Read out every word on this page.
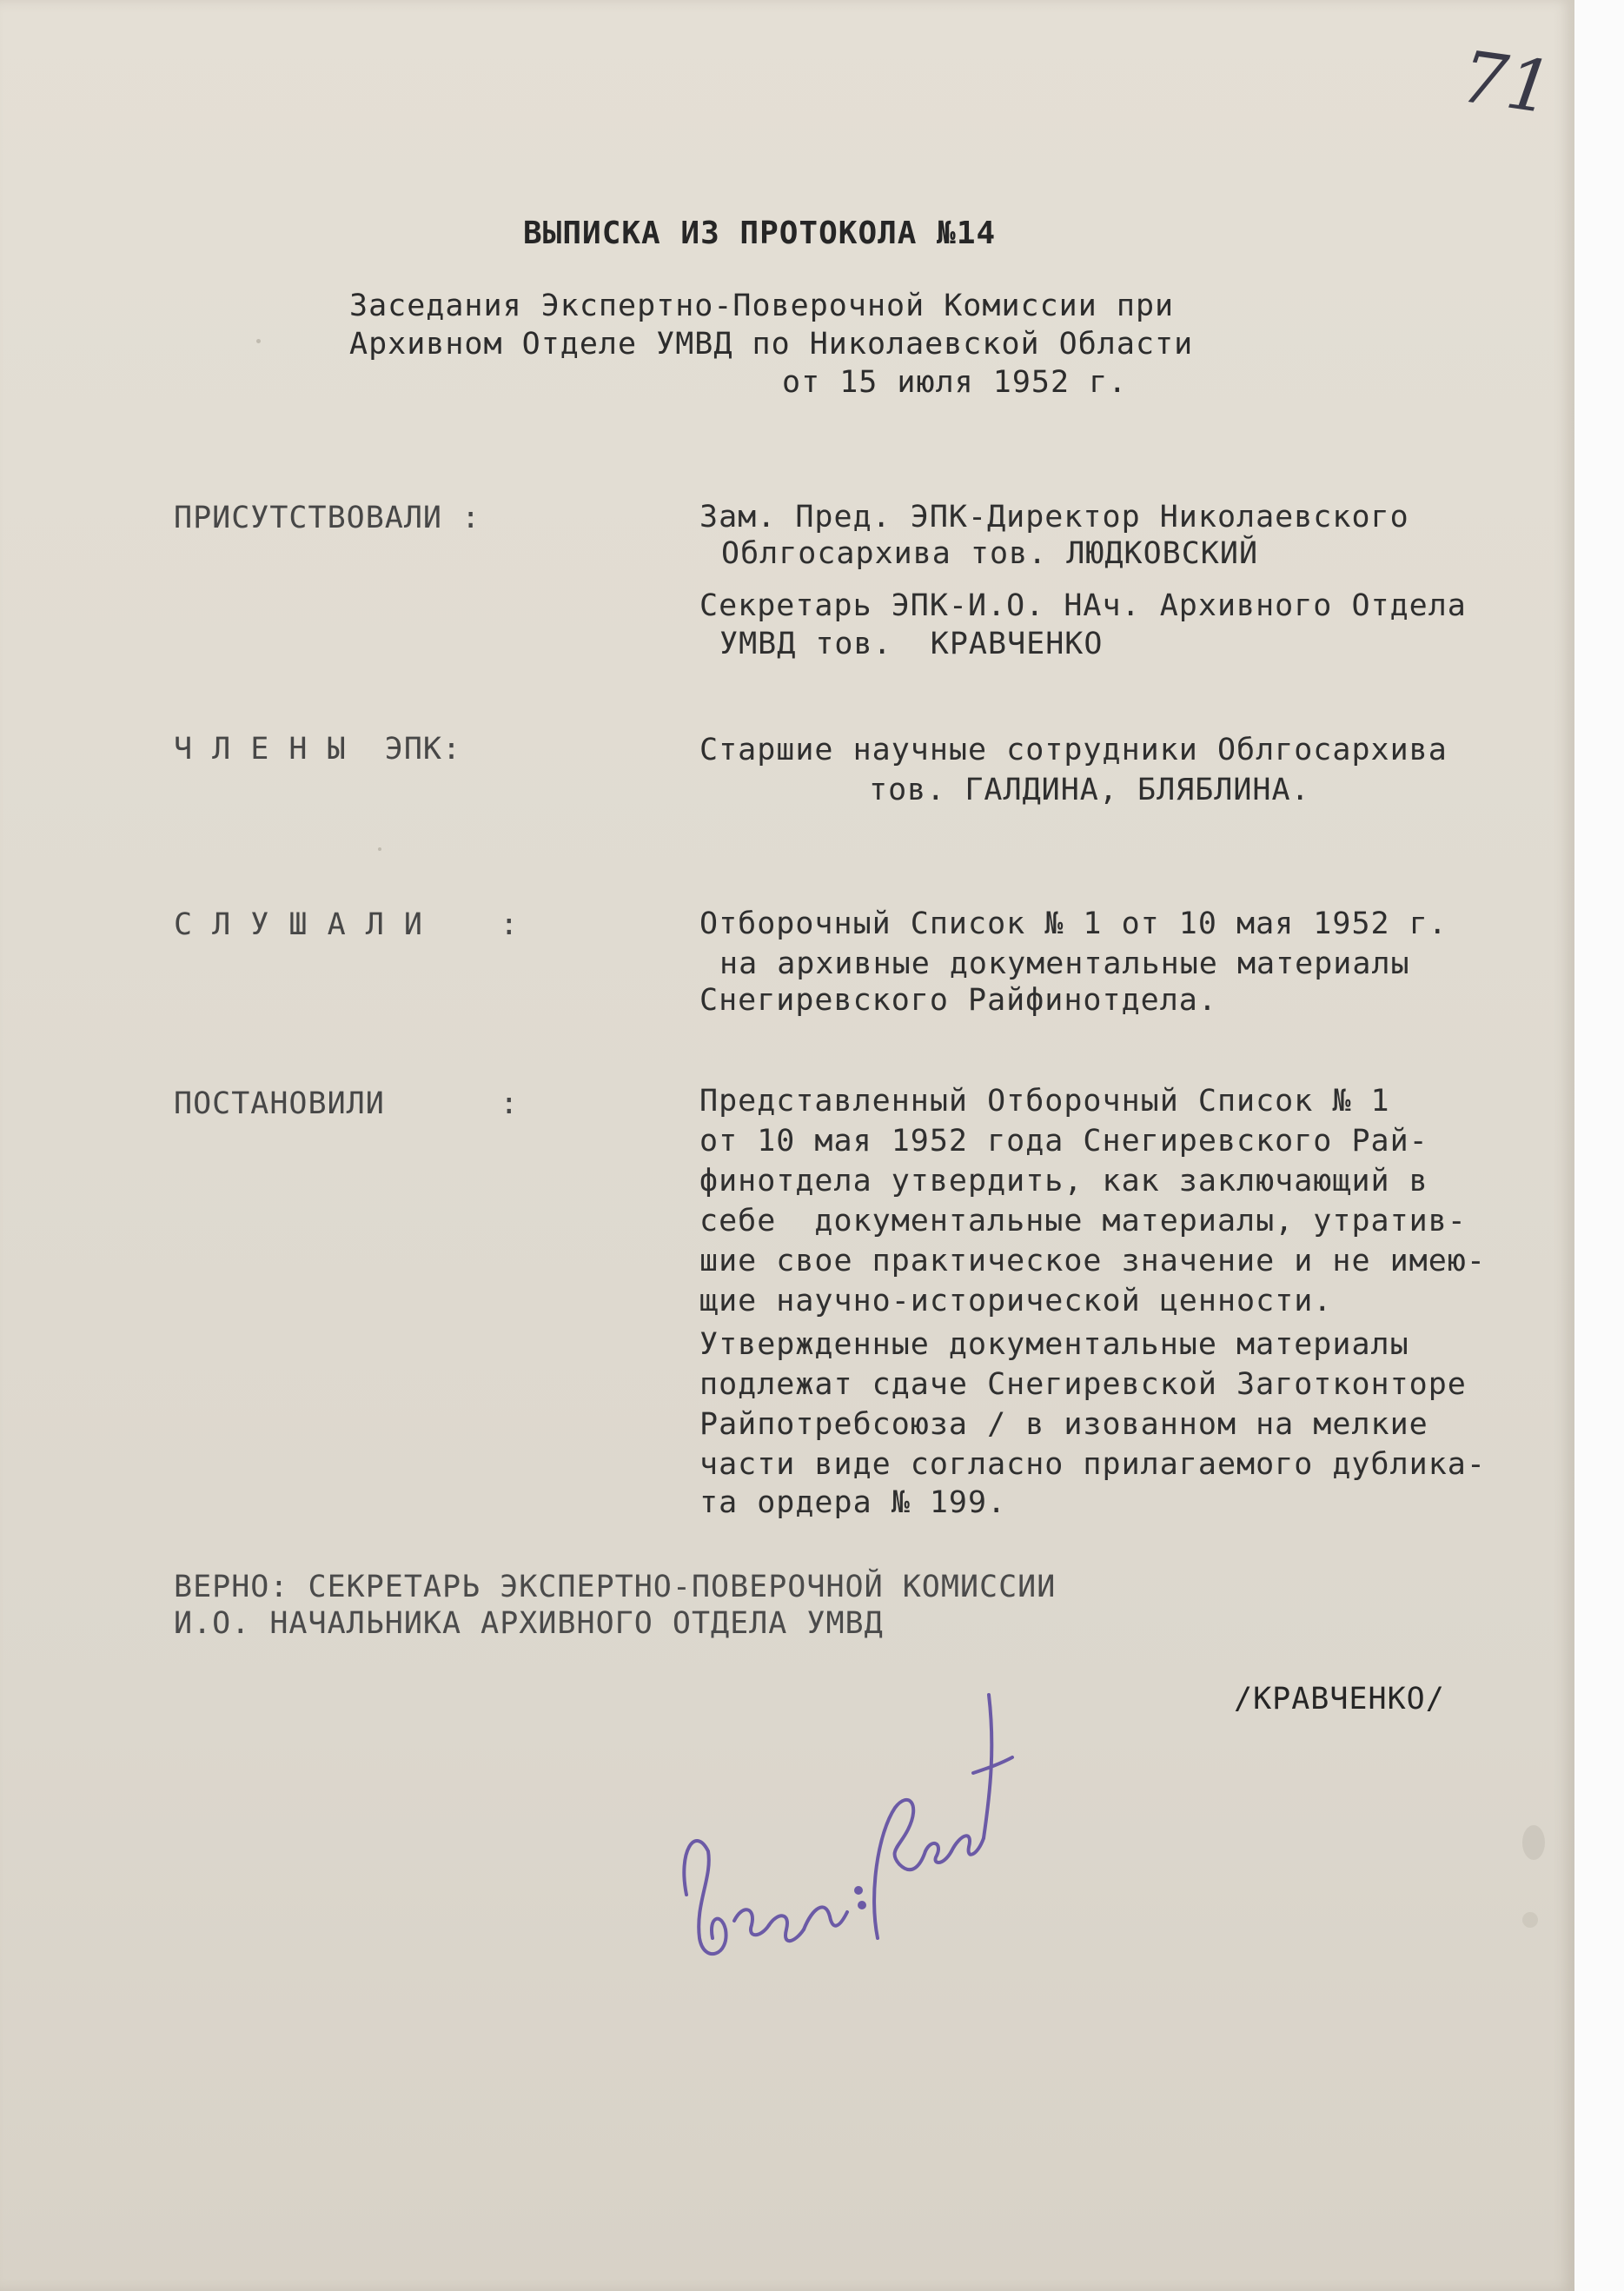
71
ВЫПИСКА ИЗ ПРОТОКОЛА №14
Заседания Экспертно-Поверочной Комиссии при
Архивном Отделе УМВД по Николаевской Области
от 15 июля 1952 г.
ПРИСУТСТВОВАЛИ :	Зам. Пред. ЭПК-Директор Николаевского
Облгосархива тов. ЛЮДКОВСКИЙ
Секретарь ЭПК-И.О. НАч. Архивного Отдела
УМВД тов.  КРАВЧЕНКО
Ч Л Е Н Ы  ЭПК:	Старшие научные сотрудники Облгосархива
тов. ГАЛДИНА, БЛЯБЛИНА.
С Л У Ш А Л И    :	Отборочный Список № 1 от 10 мая 1952 г.
на архивные документальные материалы
Снегиревского Райфинотдела.
ПОСТАНОВИЛИ      :	Представленный Отборочный Список № 1
от 10 мая 1952 года Снегиревского Рай-
финотдела утвердить, как заключающий в
себе  документальные материалы, утратив-
шие свое практическое значение и не имею-
щие научно-исторической ценности.
Утвержденные документальные материалы
подлежат сдаче Снегиревской Заготконторе
Райпотребсоюза / в изованном на мелкие
части виде согласно прилагаемого дублика-
та ордера № 199.
ВЕРНО: СЕКРЕТАРЬ ЭКСПЕРТНО-ПОВЕРОЧНОЙ КОМИССИИ
И.О. НАЧАЛЬНИКА АРХИВНОГО ОТДЕЛА УМВД
/КРАВЧЕНКО/
